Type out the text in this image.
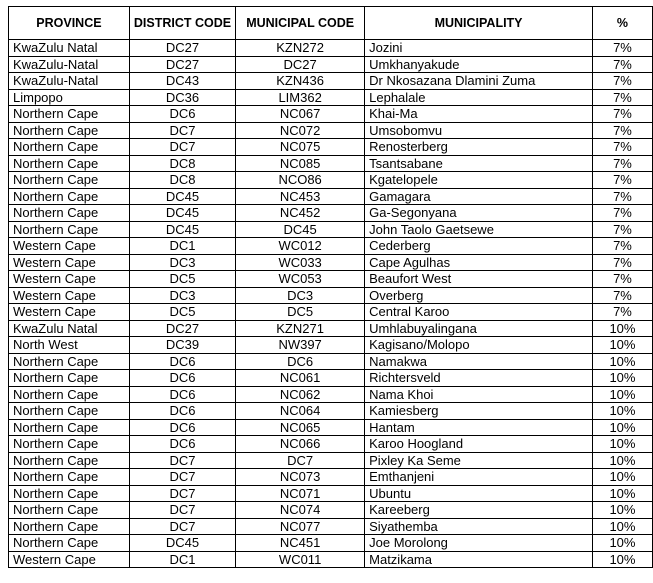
PROVINCE	DISTRICT CODE	MUNICIPAL CODE	MUNICIPALITY	%
KwaZulu Natal	DC27	KZN272	Jozini	7%
KwaZulu-Natal	DC27	DC27	Umkhanyakude	7%
KwaZulu-Natal	DC43	KZN436	Dr Nkosazana Dlamini Zuma	7%
Limpopo	DC36	LIM362	Lephalale	7%
Northern Cape	DC6	NC067	Khai-Ma	7%
Northern Cape	DC7	NC072	Umsobomvu	7%
Northern Cape	DC7	NC075	Renosterberg	7%
Northern Cape	DC8	NC085	Tsantsabane	7%
Northern Cape	DC8	NCO86	Kgatelopele	7%
Northern Cape	DC45	NC453	Gamagara	7%
Northern Cape	DC45	NC452	Ga-Segonyana	7%
Northern Cape	DC45	DC45	John Taolo Gaetsewe	7%
Western Cape	DC1	WC012	Cederberg	7%
Western Cape	DC3	WC033	Cape Agulhas	7%
Western Cape	DC5	WC053	Beaufort West	7%
Western Cape	DC3	DC3	Overberg	7%
Western Cape	DC5	DC5	Central Karoo	7%
KwaZulu Natal	DC27	KZN271	Umhlabuyalingana	10%
North West	DC39	NW397	Kagisano/Molopo	10%
Northern Cape	DC6	DC6	Namakwa	10%
Northern Cape	DC6	NC061	Richtersveld	10%
Northern Cape	DC6	NC062	Nama Khoi	10%
Northern Cape	DC6	NC064	Kamiesberg	10%
Northern Cape	DC6	NC065	Hantam	10%
Northern Cape	DC6	NC066	Karoo Hoogland	10%
Northern Cape	DC7	DC7	Pixley Ka Seme	10%
Northern Cape	DC7	NC073	Emthanjeni	10%
Northern Cape	DC7	NC071	Ubuntu	10%
Northern Cape	DC7	NC074	Kareeberg	10%
Northern Cape	DC7	NC077	Siyathemba	10%
Northern Cape	DC45	NC451	Joe Morolong	10%
Western Cape	DC1	WC011	Matzikama	10%
